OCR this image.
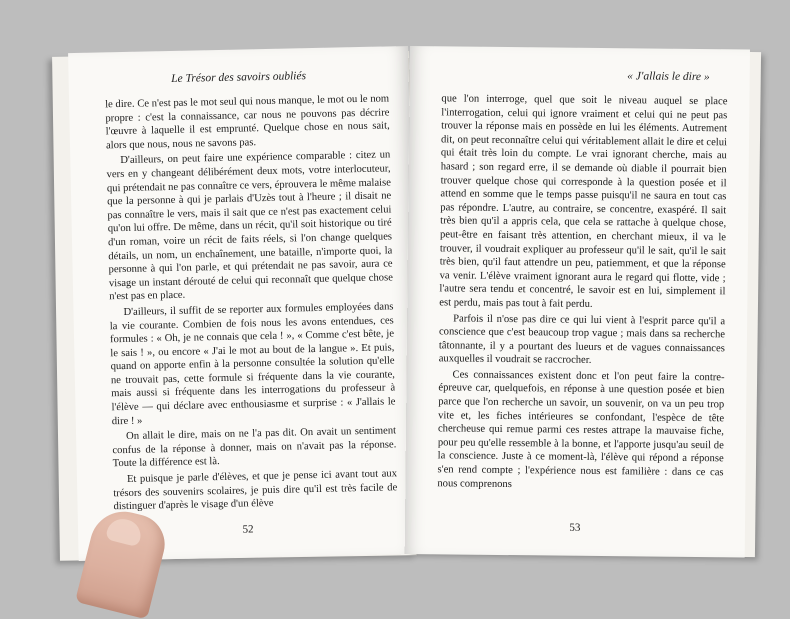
Le Trésor des savoirs oubliés

le dire. Ce n'est pas le mot seul qui nous manque, le mot ou le nom propre : c'est la connaissance, car nous ne pouvons pas décrire l'œuvre à laquelle il est emprunté. Quelque chose en nous sait, alors que nous, nous ne savons pas.

D'ailleurs, on peut faire une expérience comparable : citez un vers en y changeant délibérément deux mots, votre interlocuteur, qui prétendait ne pas connaître ce vers, éprouvera le même malaise que la personne à qui je parlais d'Uzès tout à l'heure ; il disait ne pas connaître le vers, mais il sait que ce n'est pas exactement celui qu'on lui offre. De même, dans un récit, qu'il soit historique ou tiré d'un roman, voire un récit de faits réels, si l'on change quelques détails, un nom, un enchaînement, une bataille, n'importe quoi, la personne à qui l'on parle, et qui prétendait ne pas savoir, aura ce visage un instant dérouté de celui qui reconnaît que quelque chose n'est pas en place.

D'ailleurs, il suffit de se reporter aux formules employées dans la vie courante. Combien de fois nous les avons entendues, ces formules : « Oh, je ne connais que cela ! », « Comme c'est bête, je le sais ! », ou encore « J'ai le mot au bout de la langue ». Et puis, quand on apporte enfin à la personne consultée la solution qu'elle ne trouvait pas, cette formule si fréquente dans la vie courante, mais aussi si fréquente dans les interrogations du professeur à l'élève — qui déclare avec enthousiasme et surprise : « J'allais le dire ! »

On allait le dire, mais on ne l'a pas dit. On avait un sentiment confus de la réponse à donner, mais on n'avait pas la réponse. Toute la différence est là.

Et puisque je parle d'élèves, et que je pense ici avant tout aux trésors des souvenirs scolaires, je puis dire qu'il est très facile de distinguer d'après le visage d'un élève

52
« J'allais le dire »

que l'on interroge, quel que soit le niveau auquel se place l'interrogation, celui qui ignore vraiment et celui qui ne peut pas trouver la réponse mais en possède en lui les éléments. Autrement dit, on peut reconnaître celui qui véritablement allait le dire et celui qui était très loin du compte. Le vrai ignorant cherche, mais au hasard ; son regard erre, il se demande où diable il pourrait bien trouver quelque chose qui corresponde à la question posée et il attend en somme que le temps passe puisqu'il ne saura en tout cas pas répondre. L'autre, au contraire, se concentre, exaspéré. Il sait très bien qu'il a appris cela, que cela se rattache à quelque chose, peut-être en faisant très attention, en cherchant mieux, il va le trouver, il voudrait expliquer au professeur qu'il le sait, qu'il le sait très bien, qu'il faut attendre un peu, patiemment, et que la réponse va venir. L'élève vraiment ignorant aura le regard qui flotte, vide ; l'autre sera tendu et concentré, le savoir est en lui, simplement il est perdu, mais pas tout à fait perdu.

Parfois il n'ose pas dire ce qui lui vient à l'esprit parce qu'il a conscience que c'est beaucoup trop vague ; mais dans sa recherche tâtonnante, il y a pourtant des lueurs et de vagues connaissances auxquelles il voudrait se raccrocher.

Ces connaissances existent donc et l'on peut faire la contre-épreuve car, quelquefois, en réponse à une question posée et bien parce que l'on recherche un savoir, un souvenir, on va un peu trop vite et, les fiches intérieures se confondant, l'espèce de tête chercheuse qui remue parmi ces restes attrape la mauvaise fiche, pour peu qu'elle ressemble à la bonne, et l'apporte jusqu'au seuil de la conscience. Juste à ce moment-là, l'élève qui répond a réponse s'en rend compte ; l'expérience nous est familière : dans ce cas nous comprenons

53
